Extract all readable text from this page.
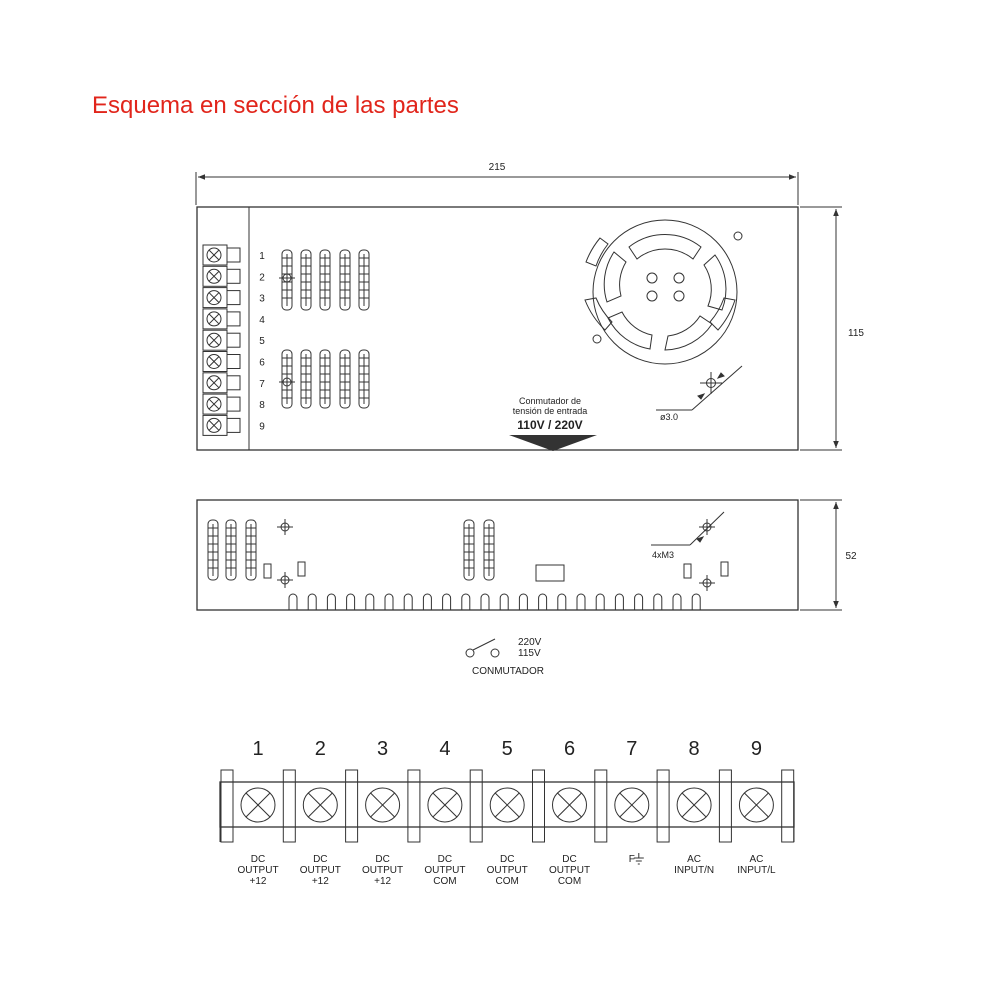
Esquema en sección de las partes
215
115
Conmutador de
tensión de entrada
110V / 220V
ø3.0
52
4xM3
220V
115V
CONMUTADOR
1
2
3
4
5
6
7
8
9
1
DC
OUTPUT
+12
2
DC
OUTPUT
+12
3
DC
OUTPUT
+12
4
DC
OUTPUT
COM
5
DC
OUTPUT
COM
6
DC
OUTPUT
COM
7
F
8
AC
INPUT/N
9
AC
INPUT/L
